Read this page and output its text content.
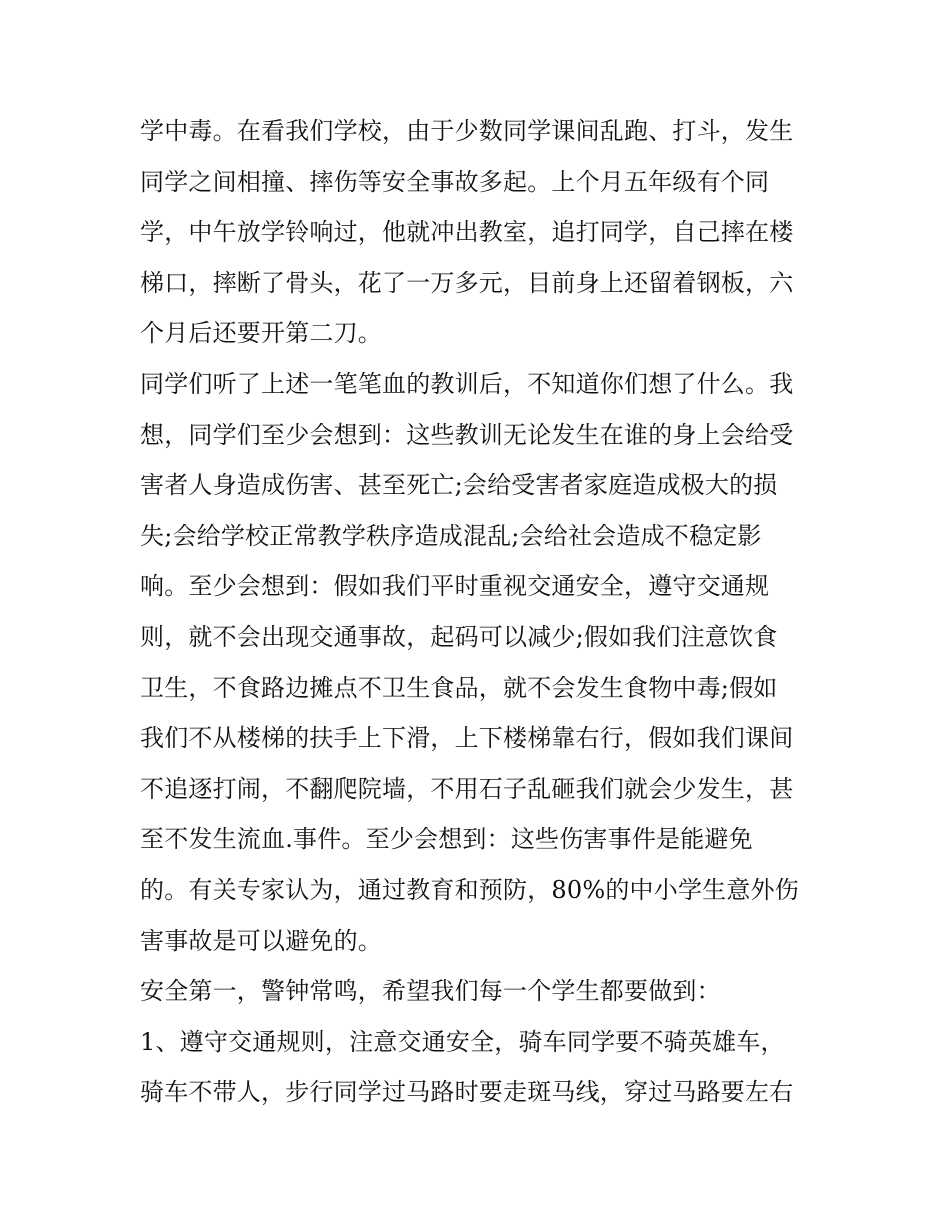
学中毒。在看我们学校，由于少数同学课间乱跑、打斗，发生
同学之间相撞、摔伤等安全事故多起。上个月五年级有个同
学，中午放学铃响过，他就冲出教室，追打同学，自己摔在楼
梯口，摔断了骨头，花了一万多元，目前身上还留着钢板，六
个月后还要开第二刀。
同学们听了上述一笔笔血的教训后，不知道你们想了什么。我
想，同学们至少会想到：这些教训无论发生在谁的身上会给受
害者人身造成伤害、甚至死亡;会给受害者家庭造成极大的损
失;会给学校正常教学秩序造成混乱;会给社会造成不稳定影
响。至少会想到：假如我们平时重视交通安全，遵守交通规
则，就不会出现交通事故，起码可以减少;假如我们注意饮食
卫生，不食路边摊点不卫生食品，就不会发生食物中毒;假如
我们不从楼梯的扶手上下滑，上下楼梯靠右行，假如我们课间
不追逐打闹，不翻爬院墙，不用石子乱砸我们就会少发生，甚
至不发生流血.事件。至少会想到：这些伤害事件是能避免
的。有关专家认为，通过教育和预防，80%的中小学生意外伤
害事故是可以避免的。
安全第一，警钟常鸣，希望我们每一个学生都要做到：
1、遵守交通规则，注意交通安全，骑车同学要不骑英雄车，
骑车不带人，步行同学过马路时要走斑马线，穿过马路要左右
